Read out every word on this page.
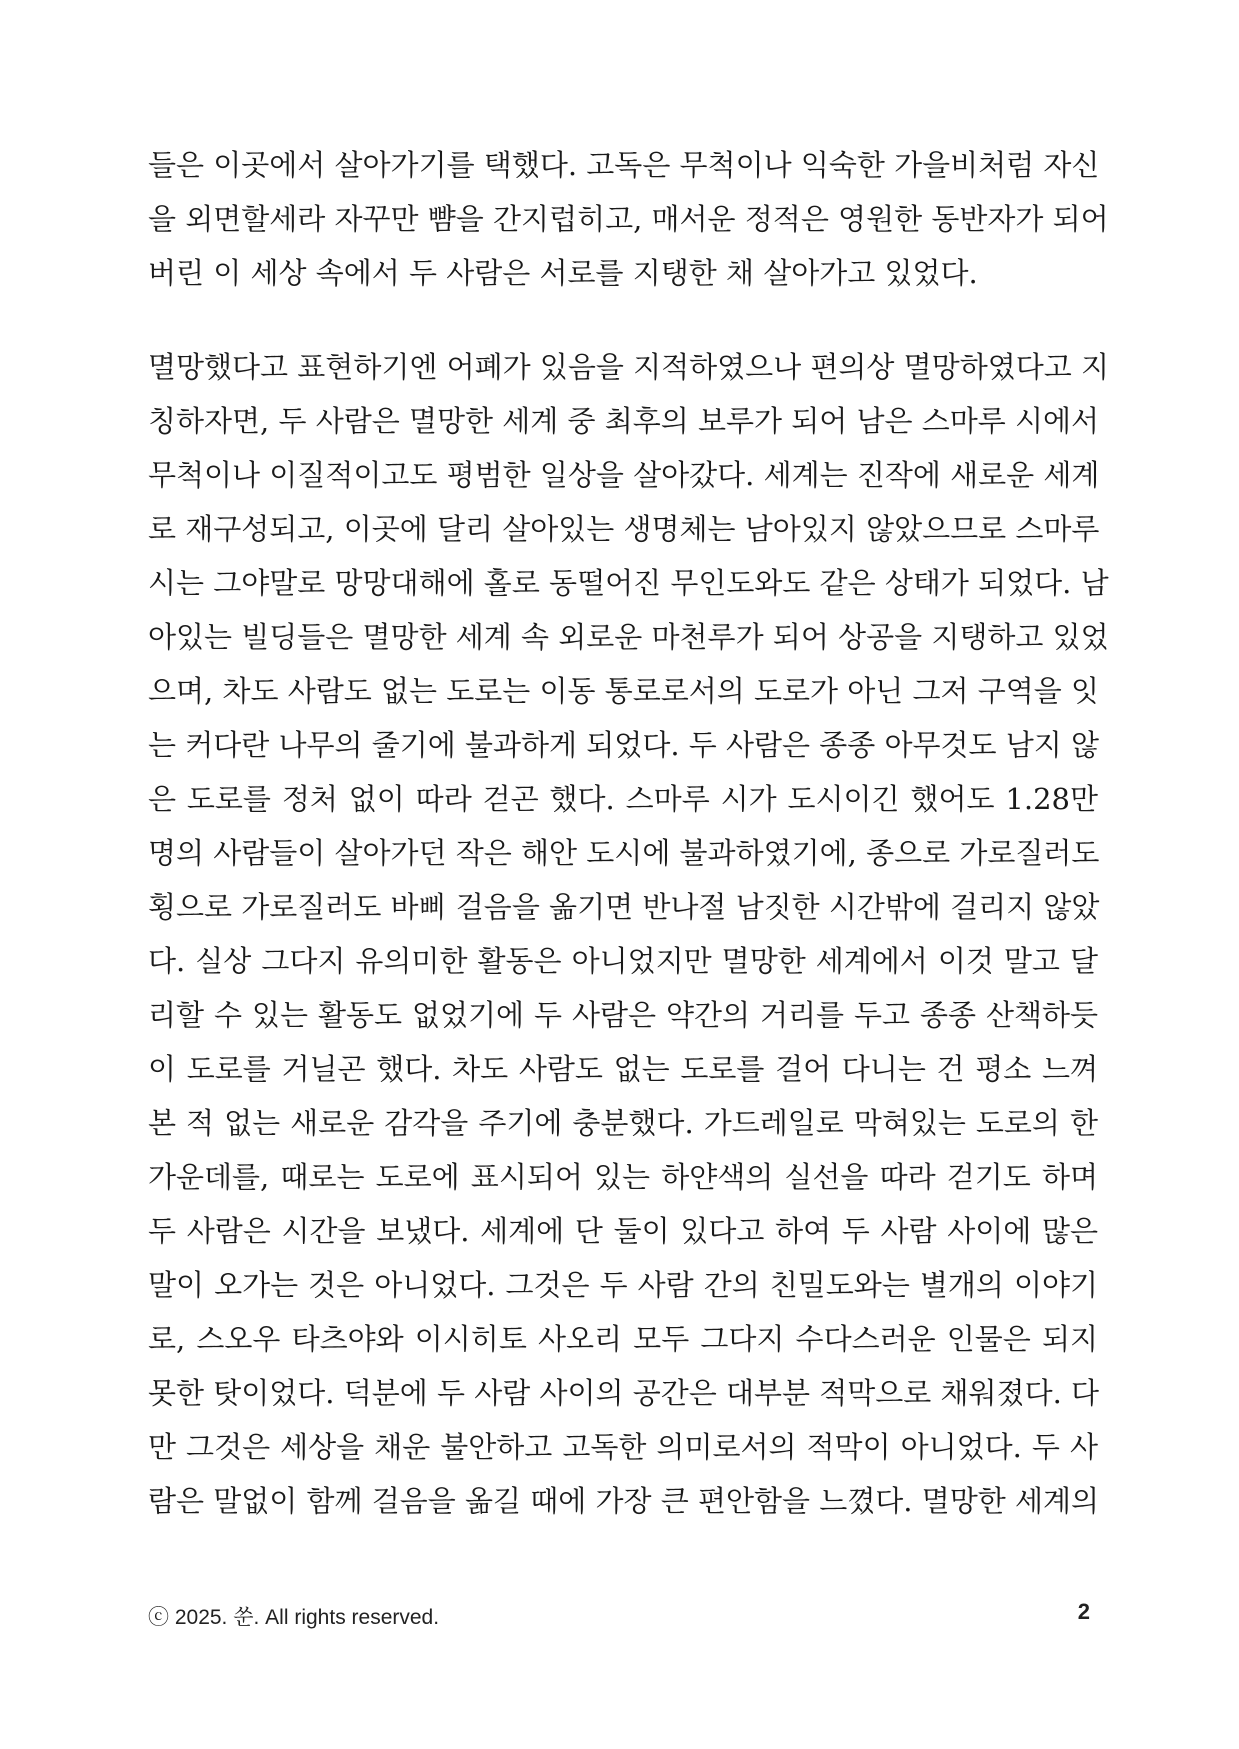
들은 이곳에서 살아가기를 택했다. 고독은 무척이나 익숙한 가을비처럼 자신
을 외면할세라 자꾸만 뺨을 간지럽히고, 매서운 정적은 영원한 동반자가 되어
버린 이 세상 속에서 두 사람은 서로를 지탱한 채 살아가고 있었다.
멸망했다고 표현하기엔 어폐가 있음을 지적하였으나 편의상 멸망하였다고 지
칭하자면, 두 사람은 멸망한 세계 중 최후의 보루가 되어 남은 스마루 시에서
무척이나 이질적이고도 평범한 일상을 살아갔다. 세계는 진작에 새로운 세계
로 재구성되고, 이곳에 달리 살아있는 생명체는 남아있지 않았으므로 스마루
시는 그야말로 망망대해에 홀로 동떨어진 무인도와도 같은 상태가 되었다. 남
아있는 빌딩들은 멸망한 세계 속 외로운 마천루가 되어 상공을 지탱하고 있었
으며, 차도 사람도 없는 도로는 이동 통로로서의 도로가 아닌 그저 구역을 잇
는 커다란 나무의 줄기에 불과하게 되었다. 두 사람은 종종 아무것도 남지 않
은 도로를 정처 없이 따라 걷곤 했다. 스마루 시가 도시이긴 했어도 1.28만
명의 사람들이 살아가던 작은 해안 도시에 불과하였기에, 종으로 가로질러도
횡으로 가로질러도 바삐 걸음을 옮기면 반나절 남짓한 시간밖에 걸리지 않았
다. 실상 그다지 유의미한 활동은 아니었지만 멸망한 세계에서 이것 말고 달
리할 수 있는 활동도 없었기에 두 사람은 약간의 거리를 두고 종종 산책하듯
이 도로를 거닐곤 했다. 차도 사람도 없는 도로를 걸어 다니는 건 평소 느껴
본 적 없는 새로운 감각을 주기에 충분했다. 가드레일로 막혀있는 도로의 한
가운데를, 때로는 도로에 표시되어 있는 하얀색의 실선을 따라 걷기도 하며
두 사람은 시간을 보냈다. 세계에 단 둘이 있다고 하여 두 사람 사이에 많은
말이 오가는 것은 아니었다. 그것은 두 사람 간의 친밀도와는 별개의 이야기
로, 스오우 타츠야와 이시히토 사오리 모두 그다지 수다스러운 인물은 되지
못한 탓이었다. 덕분에 두 사람 사이의 공간은 대부분 적막으로 채워졌다. 다
만 그것은 세상을 채운 불안하고 고독한 의미로서의 적막이 아니었다. 두 사
람은 말없이 함께 걸음을 옮길 때에 가장 큰 편안함을 느꼈다. 멸망한 세계의
ⓒ 2025. 쑨. All rights reserved.	2
